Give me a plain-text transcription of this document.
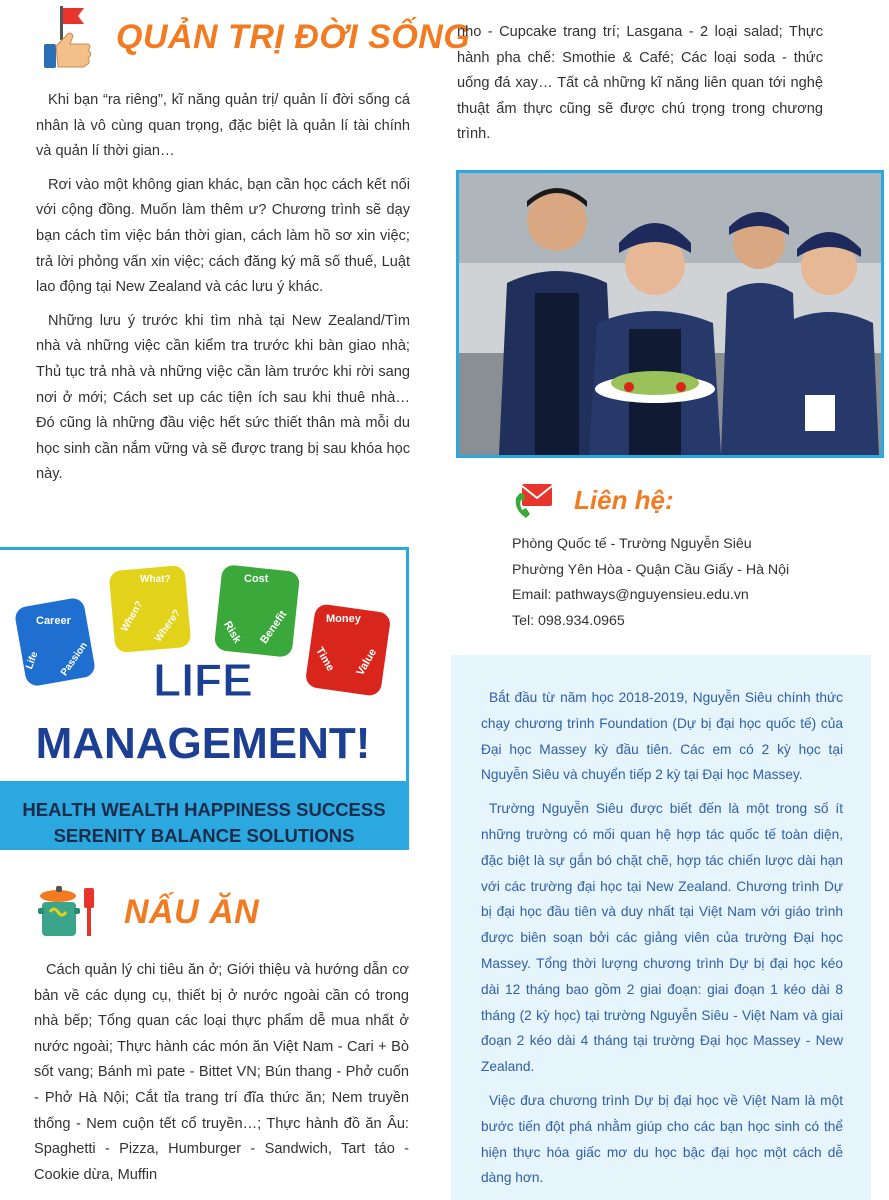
QUẢN TRỊ ĐỜI SỐNG

Khi bạn “ra riêng”, kĩ năng quản trị/ quản lí đời sống cá nhân là vô cùng quan trọng, đặc biệt là quản lí tài chính và quản lí thời gian…

Rơi vào một không gian khác, bạn cần học cách kết nối với cộng đồng. Muốn làm thêm ư? Chương trình sẽ dạy bạn cách tìm việc bán thời gian, cách làm hồ sơ xin việc; trả lời phỏng vấn xin việc; cách đăng ký mã số thuế, Luật lao động tại New Zealand và các lưu ý khác.

Những lưu ý trước khi tìm nhà tại New Zealand/Tìm nhà và những việc cần kiểm tra trước khi bàn giao nhà; Thủ tục trả nhà và những việc cần làm trước khi rời sang nơi ở mới; Cách set up các tiện ích sau khi thuê nhà… Đó cũng là những đầu việc hết sức thiết thân mà mỗi du học sinh cần nắm vững và sẽ được trang bị sau khóa học này.

Career
Life Passion
What?
When? Where?
Cost
Risk Benefit	Money
Time Value
LIFE
MANAGEMENT!
HEALTH WEALTH HAPPINESS SUCCESS
SERENITY BALANCE SOLUTIONS
NẤU ĂN

Cách quản lý chi tiêu ăn ở; Giới thiệu và hướng dẫn cơ bản về các dụng cụ, thiết bị ở nước ngoài cần có trong nhà bếp; Tổng quan các loại thực phẩm dễ mua nhất ở nước ngoài; Thực hành các món ăn Việt Nam - Cari + Bò sốt vang; Bánh mì pate - Bittet VN; Bún thang - Phở cuốn - Phở Hà Nội; Cắt tỉa trang trí đĩa thức ăn; Nem truyền thống - Nem cuộn tết cổ truyền…; Thực hành đồ ăn Âu: Spaghetti - Pizza, Humburger - Sandwich, Tart táo - Cookie dừa, Muffin

nho - Cupcake trang trí; Lasgana - 2 loại salad; Thực hành pha chế: Smothie & Café; Các loại soda - thức uống đá xay… Tất cả những kĩ năng liên quan tới nghệ thuật ẩm thực cũng sẽ được chú trọng trong chương trình.

Liên hệ:
Phòng Quốc tế - Trường Nguyễn Siêu
Phường Yên Hòa - Quận Cầu Giấy - Hà Nội
Email: pathways@nguyensieu.edu.vn
Tel: 098.934.0965

Bắt đầu từ năm học 2018-2019, Nguyễn Siêu chính thức chạy chương trình Foundation (Dự bị đại học quốc tế) của Đại học Massey kỳ đầu tiên. Các em có 2 kỳ học tại Nguyễn Siêu và chuyển tiếp 2 kỳ tại Đại học Massey.

Trường Nguyễn Siêu được biết đến là một trong số ít những trường có mối quan hệ hợp tác quốc tế toàn diện, đặc biệt là sự gắn bó chặt chẽ, hợp tác chiến lược dài hạn với các trường đại học tại New Zealand. Chương trình Dự bị đại học đầu tiên và duy nhất tại Việt Nam với giáo trình được biên soạn bởi các giảng viên của trường Đại học Massey. Tổng thời lượng chương trình Dự bị đại học kéo dài 12 tháng bao gồm 2 giai đoạn: giai đoạn 1 kéo dài 8 tháng (2 kỳ học) tại trường Nguyễn Siêu - Việt Nam và giai đoạn 2 kéo dài 4 tháng tại trường Đại học Massey - New Zealand.

Việc đưa chương trình Dự bị đại học về Việt Nam là một bước tiến đột phá nhằm giúp cho các bạn học sinh có thể hiện thực hóa giấc mơ du học bậc đại học một cách dễ dàng hơn.
